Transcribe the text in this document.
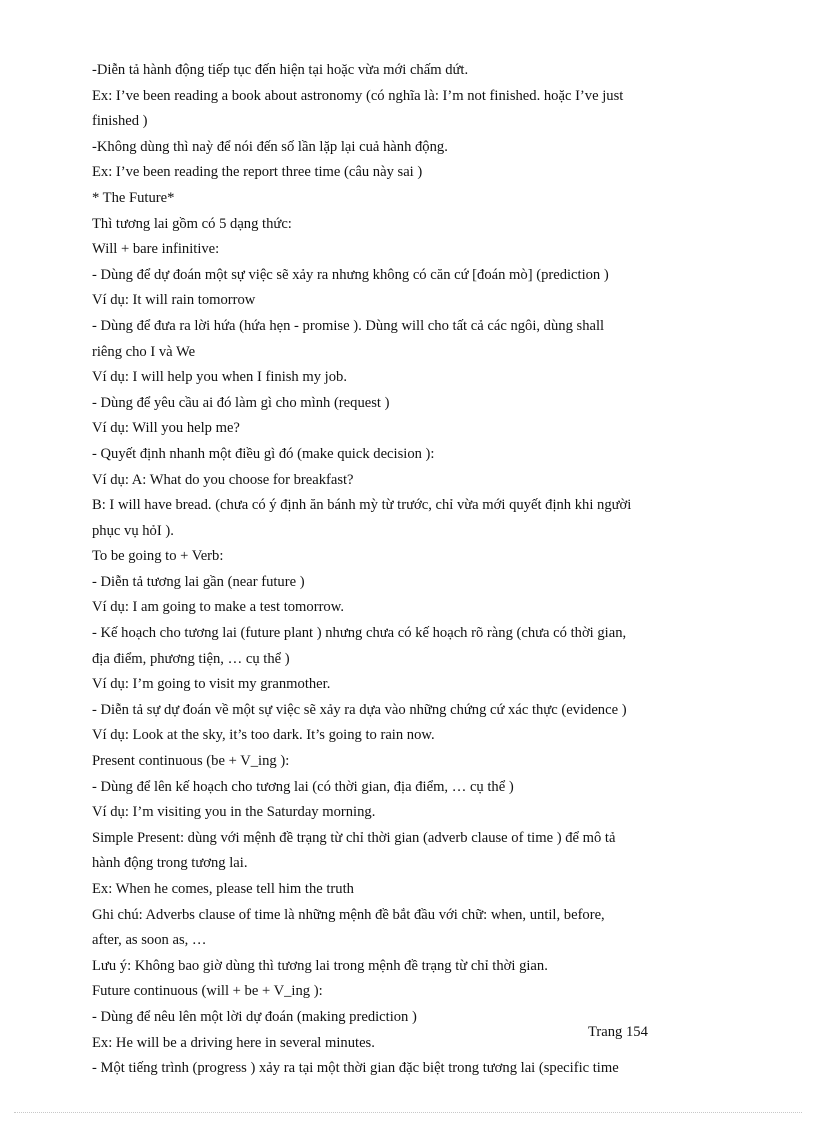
-Diễn tả hành động tiếp tục đến hiện tại hoặc vừa mới chấm dứt.
Ex: I’ve been reading a book about astronomy (có nghĩa là: I’m not finished. hoặc I’ve just
finished )
-Không dùng thì naỳ để nói đến số lần lặp lại cuả hành động.
Ex: I’ve been reading the report three time (câu này sai )
* The Future*
Thì tương lai gồm có 5 dạng thức:
Will + bare infinitive:
- Dùng để dự đoán một sự việc sẽ xảy ra nhưng không có căn cứ [đoán mò] (prediction )
Ví dụ: It will rain tomorrow
- Dùng để đưa ra lời hứa (hứa hẹn - promise ). Dùng will cho tất cả các ngôi, dùng shall
riêng cho I và We
Ví dụ: I will help you when I finish my job.
- Dùng để yêu cầu ai đó làm gì cho mình (request )
Ví dụ: Will you help me?
- Quyết định nhanh một điều gì đó (make quick decision ):
Ví dụ: A: What do you choose for breakfast?
B: I will have bread. (chưa có ý định ăn bánh mỳ từ trước, chỉ vừa mới quyết định khi người
phục vụ hỏI ).
To be going to + Verb:
- Diễn tả tương lai gần (near future )
Ví dụ: I am going to make a test tomorrow.
- Kế hoạch cho tương lai (future plant ) nhưng chưa có kế hoạch rõ ràng (chưa có thời gian,
địa điểm, phương tiện, … cụ thể )
Ví dụ: I’m going to visit my granmother.
- Diễn tả sự dự đoán về một sự việc sẽ xảy ra dựa vào những chứng cứ xác thực (evidence )
Ví dụ: Look at the sky, it’s too dark. It’s going to rain now.
Present continuous (be + V_ing ):
- Dùng để lên kế hoạch cho tương lai (có thời gian, địa điểm, … cụ thể )
Ví dụ: I’m visiting you in the Saturday morning.
Simple Present: dùng với mệnh đề trạng từ chỉ thời gian (adverb clause of time ) để mô tả
hành động trong tương lai.
Ex: When he comes, please tell him the truth
Ghi chú: Adverbs clause of time là những mệnh đề bắt đầu với chữ: when, until, before,
after, as soon as, …
Lưu ý: Không bao giờ dùng thì tương lai trong mệnh đề trạng từ chỉ thời gian.
Future continuous (will + be + V_ing ):
- Dùng để nêu lên một lời dự đoán (making prediction )
Ex: He will be a driving here in several minutes.
- Một tiếng trình (progress ) xảy ra tại một thời gian đặc biệt trong tương lai (specific time
Trang 154
